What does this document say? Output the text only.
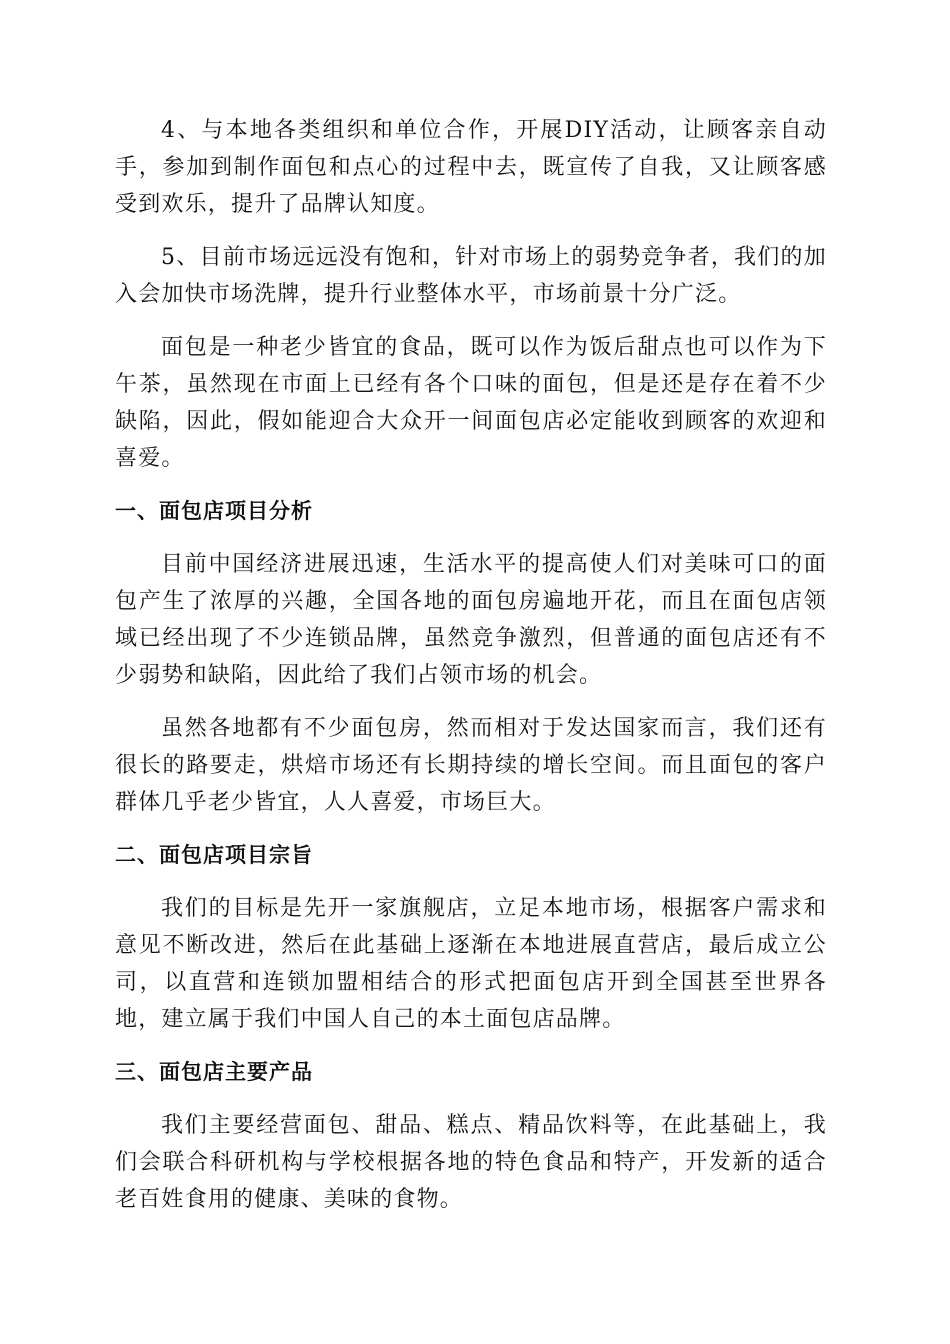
4、与本地各类组织和单位合作，开展DIY活动，让顾客亲自动手，参加到制作面包和点心的过程中去，既宣传了自我，又让顾客感受到欢乐，提升了品牌认知度。

5、目前市场远远没有饱和，针对市场上的弱势竞争者，我们的加入会加快市场洗牌，提升行业整体水平，市场前景十分广泛。

面包是一种老少皆宜的食品，既可以作为饭后甜点也可以作为下午茶，虽然现在市面上已经有各个口味的面包，但是还是存在着不少缺陷，因此，假如能迎合大众开一间面包店必定能收到顾客的欢迎和喜爱。

一、面包店项目分析

目前中国经济进展迅速，生活水平的提高使人们对美味可口的面包产生了浓厚的兴趣，全国各地的面包房遍地开花，而且在面包店领域已经出现了不少连锁品牌，虽然竞争激烈，但普通的面包店还有不少弱势和缺陷，因此给了我们占领市场的机会。

虽然各地都有不少面包房，然而相对于发达国家而言，我们还有很长的路要走，烘焙市场还有长期持续的增长空间。而且面包的客户群体几乎老少皆宜，人人喜爱，市场巨大。

二、面包店项目宗旨

我们的目标是先开一家旗舰店，立足本地市场，根据客户需求和意见不断改进，然后在此基础上逐渐在本地进展直营店，最后成立公司，以直营和连锁加盟相结合的形式把面包店开到全国甚至世界各地，建立属于我们中国人自己的本土面包店品牌。

三、面包店主要产品

我们主要经营面包、甜品、糕点、精品饮料等，在此基础上，我们会联合科研机构与学校根据各地的特色食品和特产，开发新的适合老百姓食用的健康、美味的食物。
